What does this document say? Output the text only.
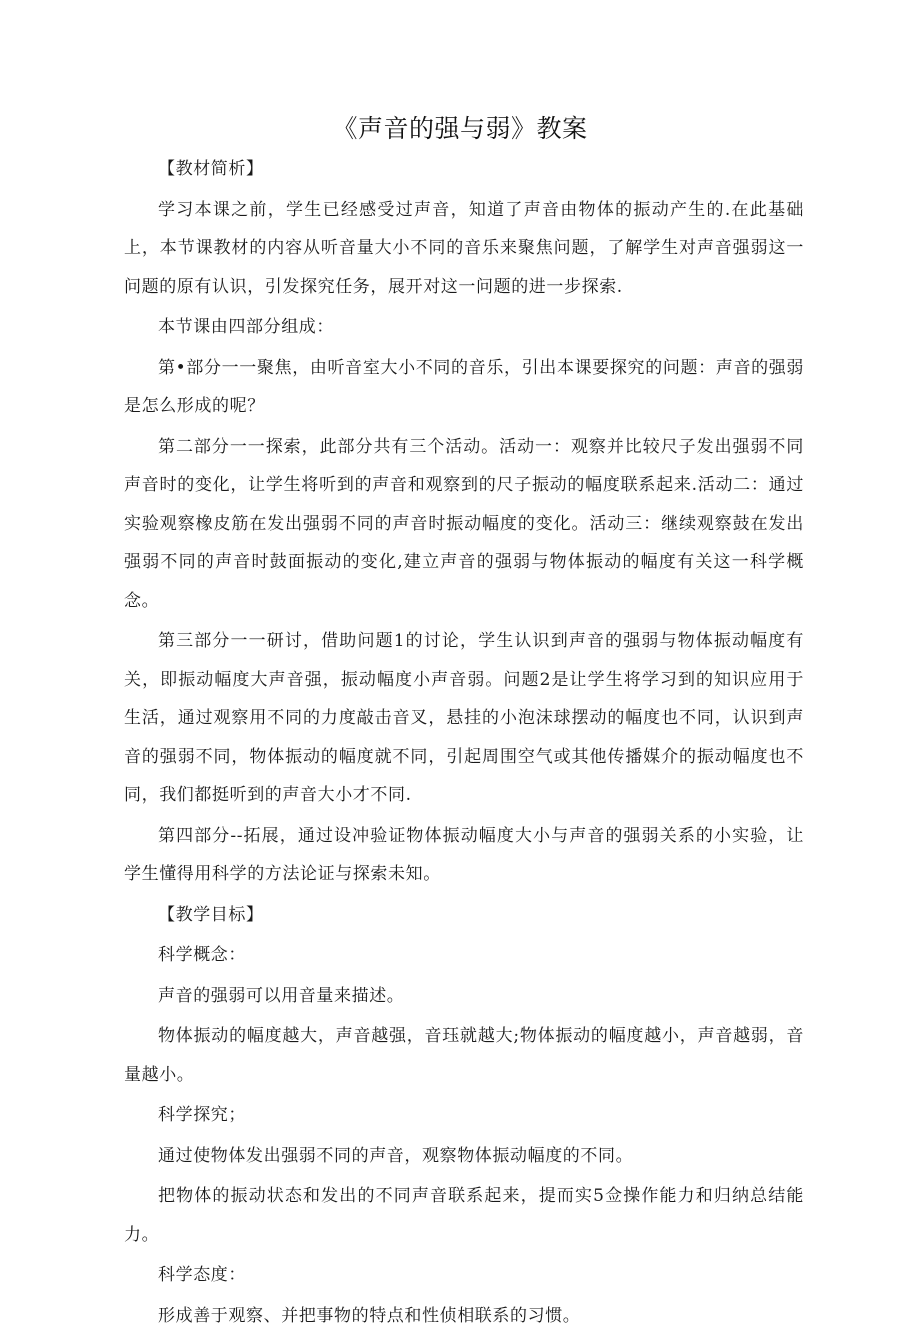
《声音的强与弱》教案

【教材简析】

学习本课之前，学生已经感受过声音，知道了声音由物体的振动产生的.在此基础上，本节课教材的内容从听音量大小不同的音乐来聚焦问题，了解学生对声音强弱这一问题的原有认识，引发探究任务，展开对这一问题的进一步探索.

本节课由四部分组成：

第•部分一一聚焦，由听音室大小不同的音乐，引出本课要探究的问题：声音的强弱是怎么形成的呢？

第二部分一一探索，此部分共有三个活动。活动一：观察并比较尺子发出强弱不同声音时的变化，让学生将听到的声音和观察到的尺子振动的幅度联系起来.活动二：通过实验观察橡皮筋在发出强弱不同的声音时振动幅度的变化。活动三：继续观察鼓在发出强弱不同的声音时鼓面振动的变化,建立声音的强弱与物体振动的幅度有关这一科学概念。

第三部分一一研讨，借助问题1的讨论，学生认识到声音的强弱与物体振动幅度有关，即振动幅度大声音强，振动幅度小声音弱。问题2是让学生将学习到的知识应用于生活，通过观察用不同的力度敲击音叉，悬挂的小泡沫球摆动的幅度也不同，认识到声音的强弱不同，物体振动的幅度就不同，引起周围空气或其他传播媒介的振动幅度也不同，我们都挺听到的声音大小才不同.

第四部分--拓展，通过设冲验证物体振动幅度大小与声音的强弱关系的小实验，让学生懂得用科学的方法论证与探索未知。

【教学目标】

科学概念：

声音的强弱可以用音量来描述。

物体振动的幅度越大，声音越强，音珏就越大;物体振动的幅度越小，声音越弱，音量越小。

科学探究；

通过使物体发出强弱不同的声音，观察物体振动幅度的不同。

把物体的振动状态和发出的不同声音联系起来，提而实5佥操作能力和归纳总结能力。

科学态度：

形成善于观察、并把事物的特点和性侦相联系的习惯。
